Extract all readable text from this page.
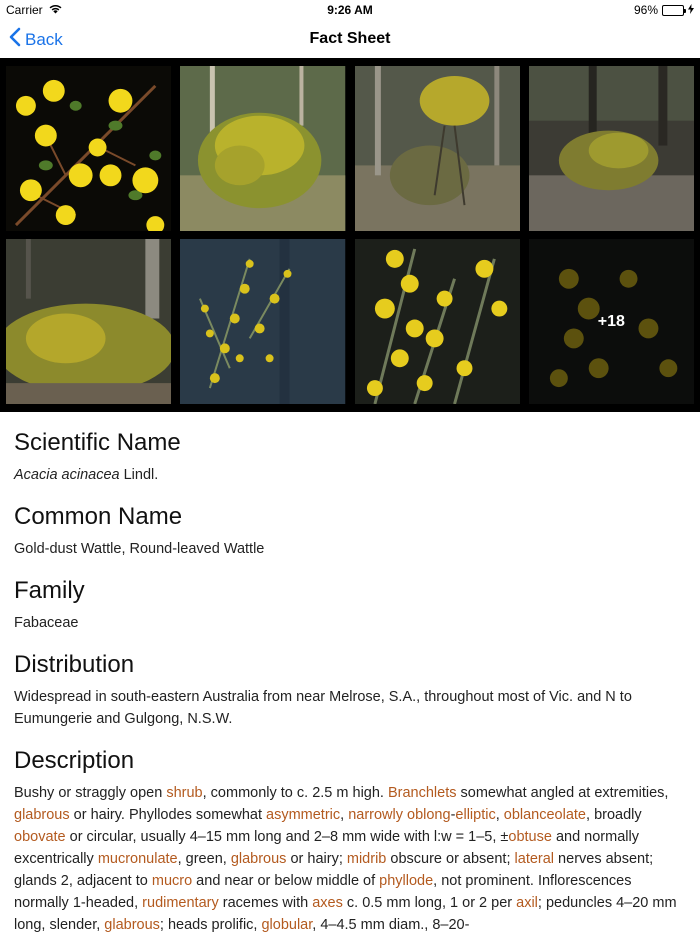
Carrier	9:26 AM	96%
Back	Fact Sheet
+18
Scientific Name
Acacia acinacea Lindl.
Common Name
Gold-dust Wattle, Round-leaved Wattle
Family
Fabaceae
Distribution
Widespread in south-eastern Australia from near Melrose, S.A., throughout most of Vic. and N to Eumungerie and Gulgong, N.S.W.
Description
Bushy or straggly open shrub, commonly to c. 2.5 m high. Branchlets somewhat angled at extremities, glabrous or hairy. Phyllodes somewhat asymmetric, narrowly oblong-elliptic, oblanceolate, broadly obovate or circular, usually 4–15 mm long and 2–8 mm wide with l:w = 1–5, ±obtuse and normally excentrically mucronulate, green, glabrous or hairy; midrib obscure or absent; lateral nerves absent; glands 2, adjacent to mucro and near or below middle of phyllode, not prominent. Inflorescences normally 1-headed, rudimentary racemes with axes c. 0.5 mm long, 1 or 2 per axil; peduncles 4–20 mm long, slender, glabrous; heads prolific, globular, 4–4.5 mm diam., 8–20-
